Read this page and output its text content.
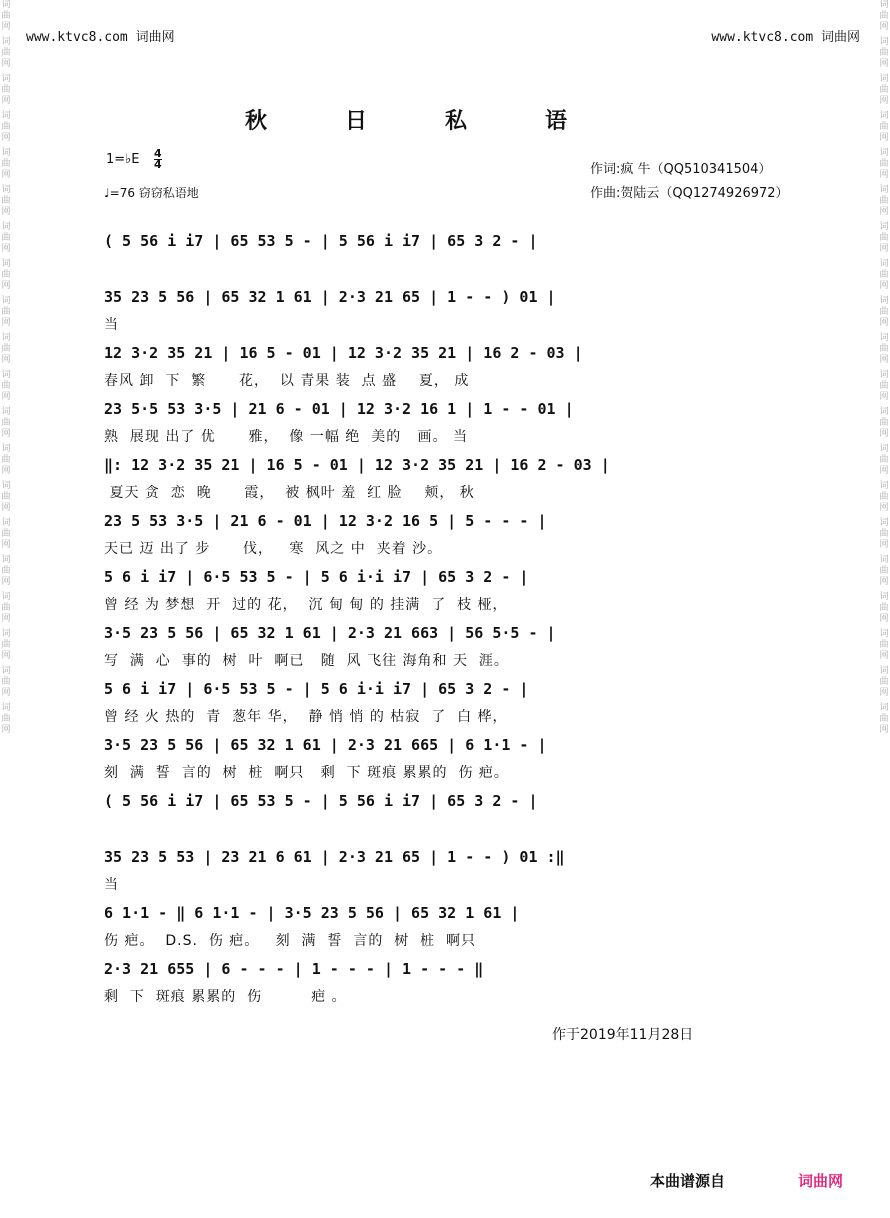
词
曲
网
词
曲
网
词
曲
网
词
曲
网
词
曲
网
词
曲
网
词
曲
网
词
曲
网
词
曲
网
词
曲
网
词
曲
网
词
曲
网
词
曲
网
词
曲
网
词
曲
网
词
曲
网
词
曲
网
词
曲
网
词
曲
网
词
曲
网
词
曲
网
词
曲
网
词
曲
网
词
曲
网
词
曲
网
词
曲
网
词
曲
网
词
曲
网
词
曲
网
词
曲
网
词
曲
网
词
曲
网
词
曲
网
词
曲
网
词
曲
网
词
曲
网
词
曲
网
词
曲
网
词
曲
网
词
曲
网
www.ktvc8.com 词曲网	www.ktvc8.com 词曲网
秋日私语
1=♭E 4
4
♩=76 窃窃私语地
作词:疯 牛（QQ510341504）
作曲:贺陆云（QQ1274926972）
( 5 56 i i7 | 65 53 5 - | 5 56 i i7 | 65 3 2 - |
35 23 5 56 | 65 32 1 61 | 2·3 21 65 | 1 - - ) 01 |
当
12 3·2 35 21 | 16 5 - 01 | 12 3·2 35 21 | 16 2 - 03 |
春风 卸  下  繁      花，  以 青果 装  点 盛    夏， 成
23 5·5 53 3·5 | 21 6 - 01 | 12 3·2 16 1 | 1 - - 01 |
熟  展现 出了 优      雅，  像 一幅 绝  美的   画。 当
‖: 12 3·2 35 21 | 16 5 - 01 | 12 3·2 35 21 | 16 2 - 03 |
夏天 贪  恋  晚      霞，  被 枫叶 羞  红 脸    颊， 秋
23 5 53 3·5 | 21 6 - 01 | 12 3·2 16 5 | 5 - - - |
天已 迈 出了 步      伐，   寒  风之 中  夹着 沙。
5 6 i i7 | 6·5 53 5 - | 5 6 i·i i7 | 65 3 2 - |
曾 经 为 梦想  开  过的 花，  沉 甸 甸 的 挂满  了  枝 桠，
3·5 23 5 56 | 65 32 1 61 | 2·3 21 663 | 56 5·5 - |
写  满  心  事的  树  叶  啊已   随  风 飞往 海角和 天  涯。
5 6 i i7 | 6·5 53 5 - | 5 6 i·i i7 | 65 3 2 - |
曾 经 火 热的  青  葱年 华，  静 悄 悄 的 枯寂  了  白 桦，
3·5 23 5 56 | 65 32 1 61 | 2·3 21 665 | 6 1·1 - |
刻  满  誓  言的  树  桩  啊只   剩  下 斑痕 累累的  伤 疤。
( 5 56 i i7 | 65 53 5 - | 5 56 i i7 | 65 3 2 - |
35 23 5 53 | 23 21 6 61 | 2·3 21 65 | 1 - - ) 01 :‖
当
6 1·1 - ‖ 6 1·1 - | 3·5 23 5 56 | 65 32 1 61 |
伤 疤。  D.S.  伤 疤。   刻  满  誓  言的  树  桩  啊只
2·3 21 655 | 6 - - - | 1 - - - | 1 - - - ‖
剩  下  斑痕 累累的  伤         疤 。
作于2019年11月28日
本曲谱源自	词曲网
